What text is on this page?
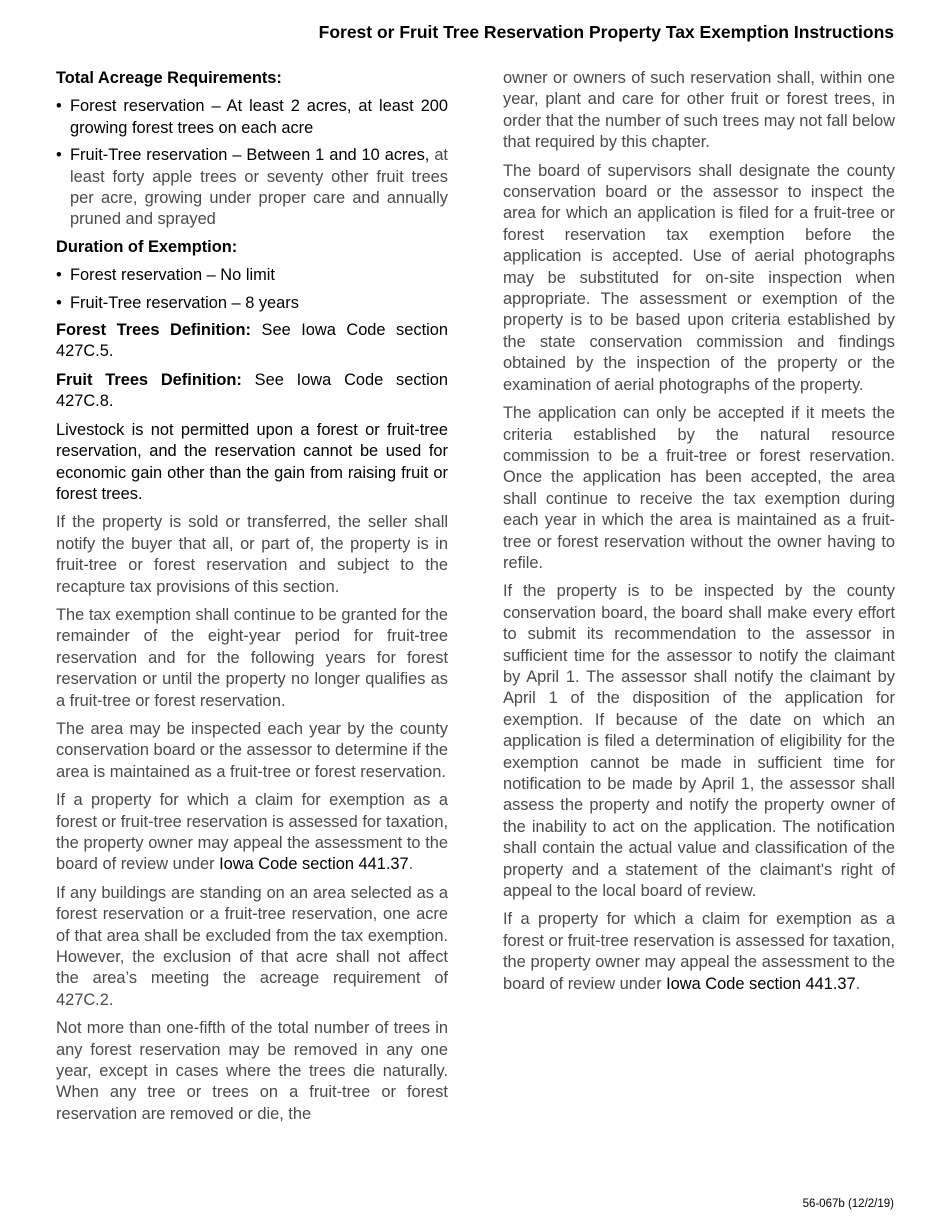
Forest or Fruit Tree Reservation Property Tax Exemption Instructions

Total Acreage Requirements:

• Forest reservation – At least 2 acres, at least 200 growing forest trees on each acre
• Fruit-Tree reservation – Between 1 and 10 acres, at least forty apple trees or seventy other fruit trees per acre, growing under proper care and annually pruned and sprayed

Duration of Exemption:

• Forest reservation – No limit
• Fruit-Tree reservation – 8 years

Forest Trees Definition: See Iowa Code section 427C.5.

Fruit Trees Definition: See Iowa Code section 427C.8.

Livestock is not permitted upon a forest or fruit-tree reservation, and the reservation cannot be used for economic gain other than the gain from raising fruit or forest trees.

If the property is sold or transferred, the seller shall notify the buyer that all, or part of, the property is in fruit-tree or forest reservation and subject to the recapture tax provisions of this section.

The tax exemption shall continue to be granted for the remainder of the eight-year period for fruit-tree reservation and for the following years for forest reservation or until the property no longer qualifies as a fruit-tree or forest reservation.

The area may be inspected each year by the county conservation board or the assessor to determine if the area is maintained as a fruit-tree or forest reservation.

If a property for which a claim for exemption as a forest or fruit-tree reservation is assessed for taxation, the property owner may appeal the assessment to the board of review under Iowa Code section 441.37.

If any buildings are standing on an area selected as a forest reservation or a fruit-tree reservation, one acre of that area shall be excluded from the tax exemption. However, the exclusion of that acre shall not affect the area’s meeting the acreage requirement of 427C.2.

Not more than one-fifth of the total number of trees in any forest reservation may be removed in any one year, except in cases where the trees die naturally. When any tree or trees on a fruit-tree or forest reservation are removed or die, the

owner or owners of such reservation shall, within one year, plant and care for other fruit or forest trees, in order that the number of such trees may not fall below that required by this chapter.

The board of supervisors shall designate the county conservation board or the assessor to inspect the area for which an application is filed for a fruit-tree or forest reservation tax exemption before the application is accepted. Use of aerial photographs may be substituted for on-site inspection when appropriate. The assessment or exemption of the property is to be based upon criteria established by the state conservation commission and findings obtained by the inspection of the property or the examination of aerial photographs of the property.

The application can only be accepted if it meets the criteria established by the natural resource commission to be a fruit-tree or forest reservation. Once the application has been accepted, the area shall continue to receive the tax exemption during each year in which the area is maintained as a fruit-tree or forest reservation without the owner having to refile.

If the property is to be inspected by the county conservation board, the board shall make every effort to submit its recommendation to the assessor in sufficient time for the assessor to notify the claimant by April 1. The assessor shall notify the claimant by April 1 of the disposition of the application for exemption. If because of the date on which an application is filed a determination of eligibility for the exemption cannot be made in sufficient time for notification to be made by April 1, the assessor shall assess the property and notify the property owner of the inability to act on the application. The notification shall contain the actual value and classification of the property and a statement of the claimant's right of appeal to the local board of review.

If a property for which a claim for exemption as a forest or fruit-tree reservation is assessed for taxation, the property owner may appeal the assessment to the board of review under Iowa Code section 441.37.

56-067b (12/2/19)
